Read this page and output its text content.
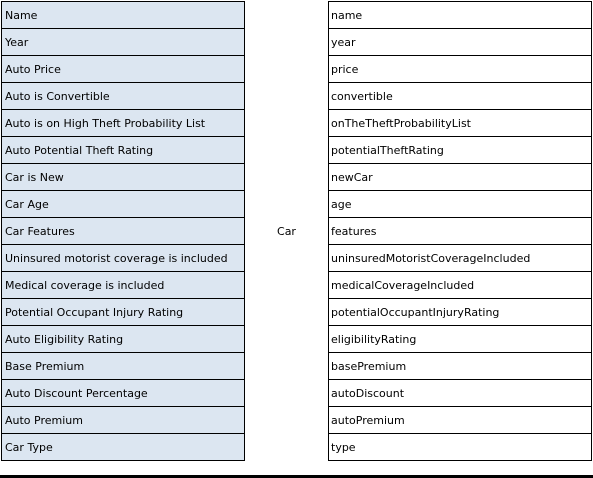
Name		name
Year		year
Auto Price		price
Auto is Convertible		convertible
Auto is on High Theft Probability List		onTheTheftProbabilityList
Auto Potential Theft Rating		potentialTheftRating
Car is New		newCar
Car Age		age
Car Features	Car	features
Uninsured motorist coverage is included		uninsuredMotoristCoverageIncluded
Medical coverage is included		medicalCoverageIncluded
Potential Occupant Injury Rating		potentialOccupantInjuryRating
Auto Eligibility Rating		eligibilityRating
Base Premium		basePremium
Auto Discount Percentage		autoDiscount
Auto Premium		autoPremium
Car Type		type
